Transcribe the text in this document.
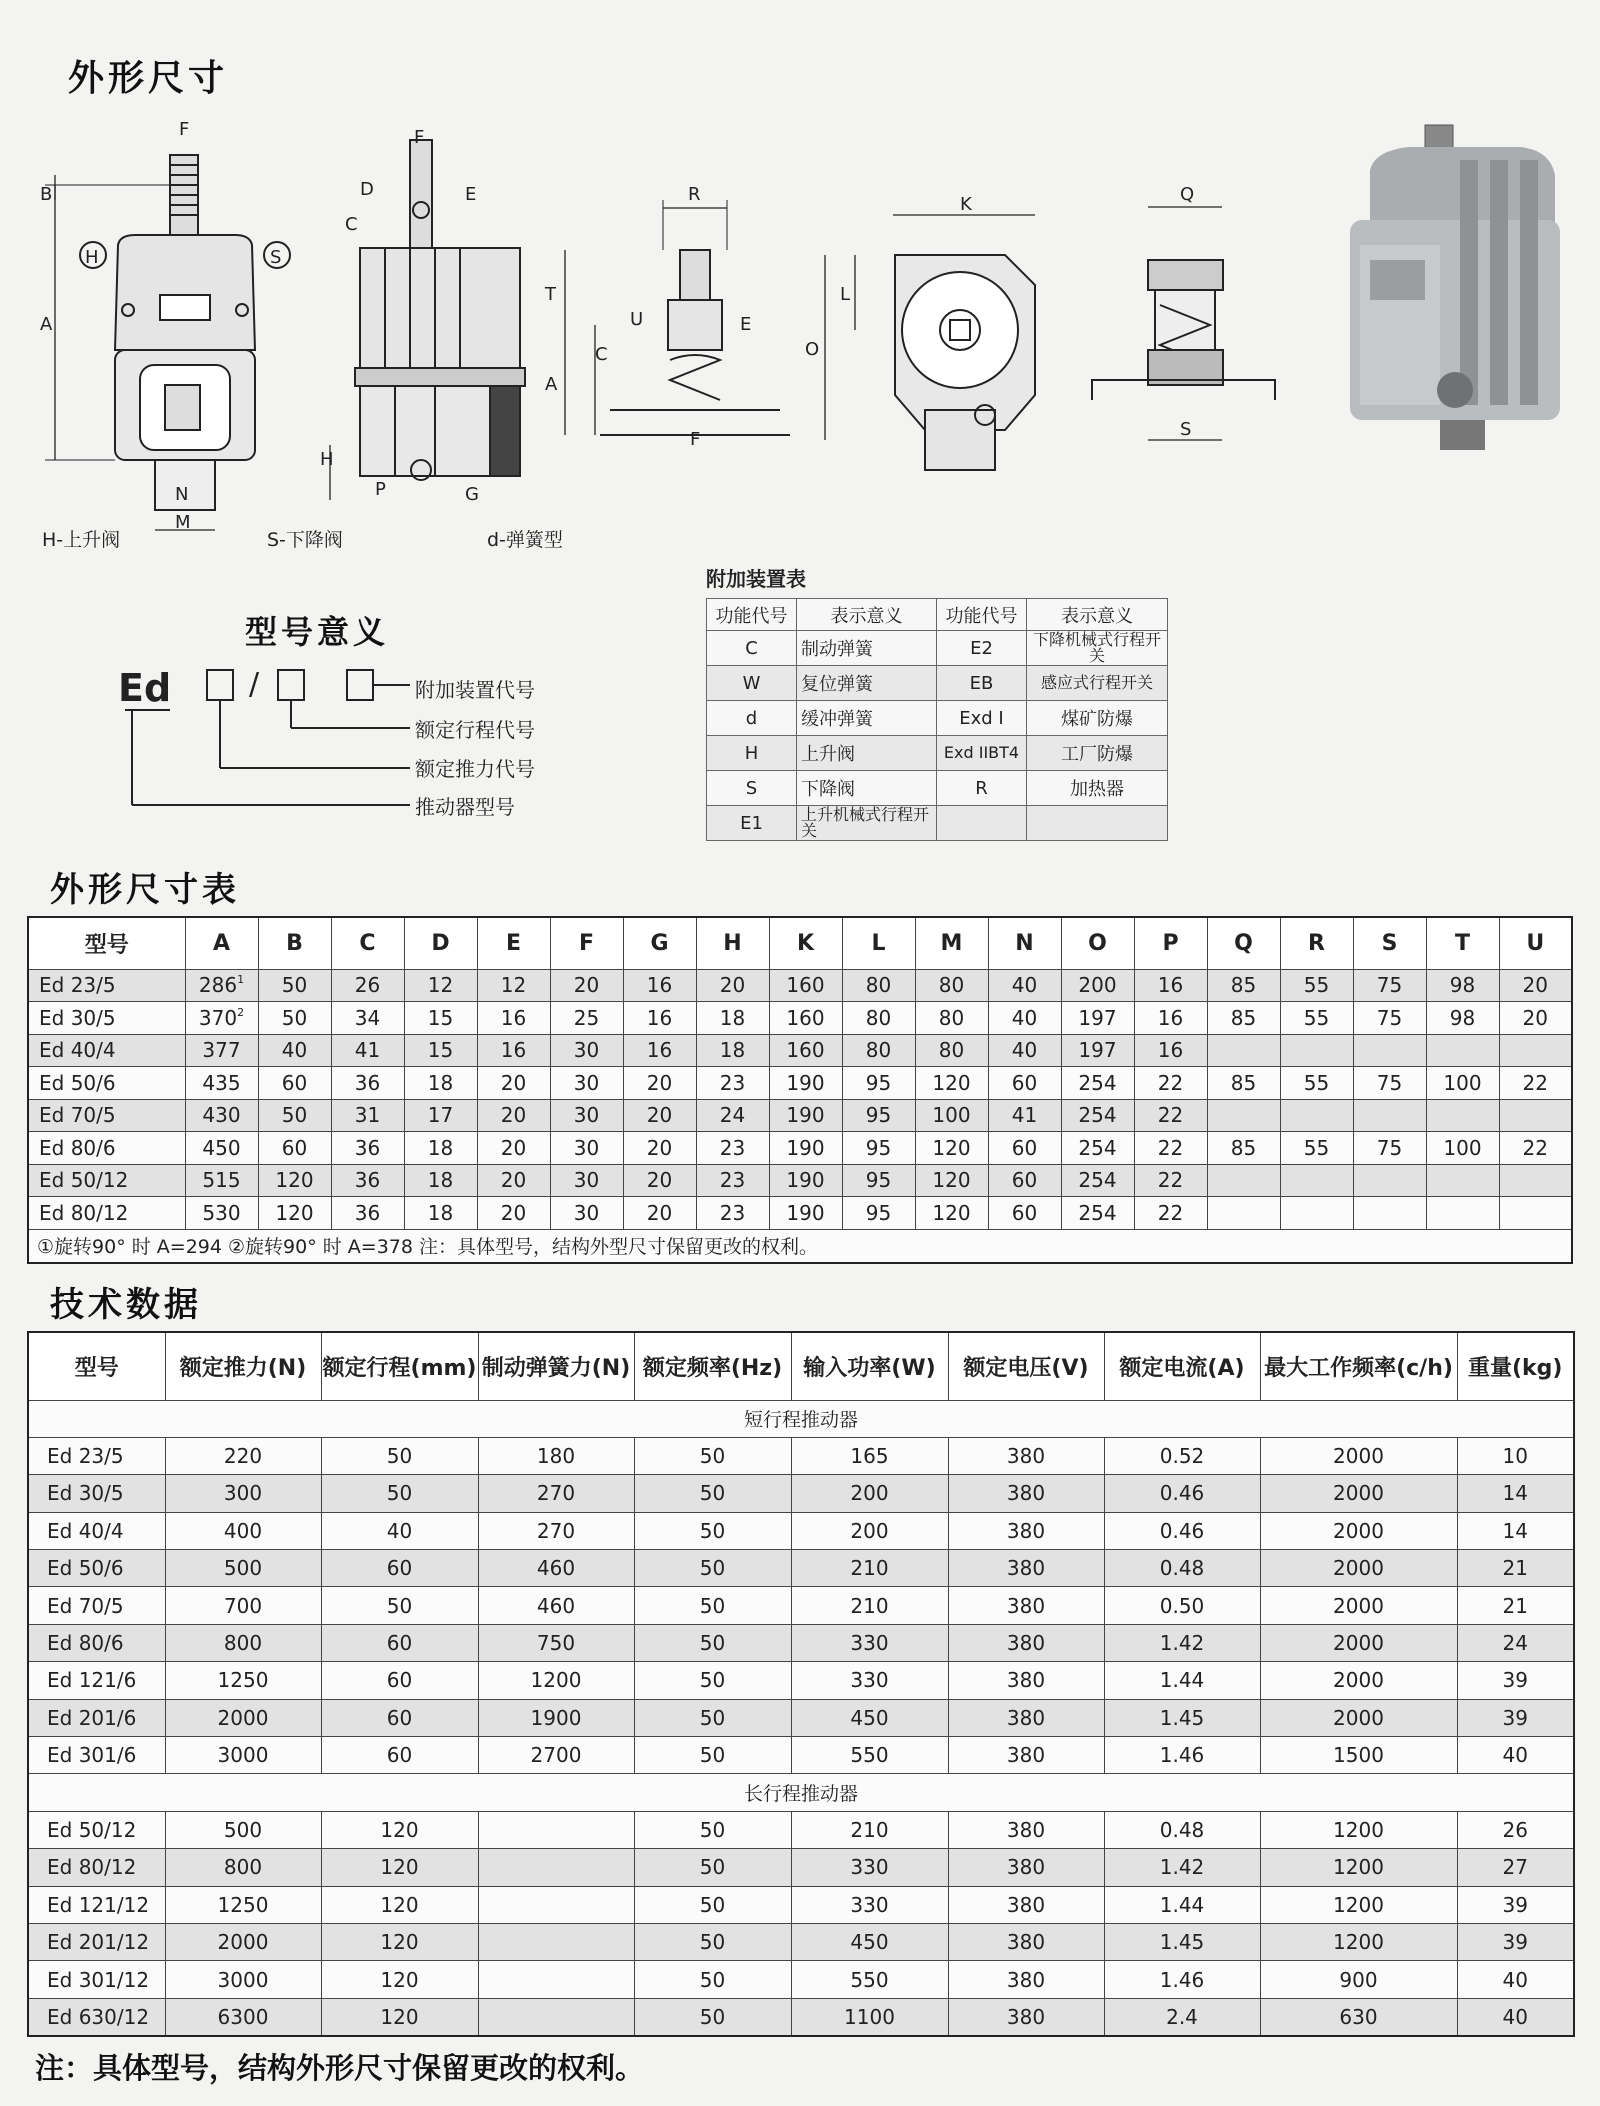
外形尺寸
F
B
H	S
A
N
M
F
D	E
C
H
P	G
R
T
U	E
C
A
F
K
L
O
Q
S
H-上升阀	S-下降阀	d-弹簧型
型号意义
Ed	/	附加装置代号
额定行程代号
额定推力代号
推动器型号
附加装置表
功能代号	表示意义	功能代号	表示意义
C	制动弹簧	E2	下降机械式行程开关
W	复位弹簧	EB	感应式行程开关
d	缓冲弹簧	Exd I	煤矿防爆
H	上升阀	Exd IIBT4	工厂防爆
S	下降阀	R	加热器
E1	上升机械式行程开关		
外形尺寸表
型号	A	B	C	D	E	F	G	H	K	L	M	N	O	P	Q	R	S	T	U
Ed 23/5	$286^1$	50	26	12	12	20	16	20	160	80	80	40	200	16	85	55	75	98	20
Ed 30/5	$370^2$	50	34	15	16	25	16	18	160	80	80	40	197	16	85	55	75	98	20
Ed 40/4	377	40	41	15	16	30	16	18	160	80	80	40	197	16					
Ed 50/6	435	60	36	18	20	30	20	23	190	95	120	60	254	22	85	55	75	100	22
Ed 70/5	430	50	31	17	20	30	20	24	190	95	100	41	254	22					
Ed 80/6	450	60	36	18	20	30	20	23	190	95	120	60	254	22	85	55	75	100	22
Ed 50/12	515	120	36	18	20	30	20	23	190	95	120	60	254	22					
Ed 80/12	530	120	36	18	20	30	20	23	190	95	120	60	254	22					
①旋转90° 时 A=294 ②旋转90° 时 A=378 注：具体型号，结构外型尺寸保留更改的权利。																			
技术数据
型号	额定推力(N)	额定行程(mm)	制动弹簧力(N)	额定频率(Hz)	输入功率(W)	额定电压(V)	额定电流(A)	最大工作频率(c/h)	重量(kg)
短行程推动器									
Ed 23/5	220	50	180	50	165	380	0.52	2000	10
Ed 30/5	300	50	270	50	200	380	0.46	2000	14
Ed 40/4	400	40	270	50	200	380	0.46	2000	14
Ed 50/6	500	60	460	50	210	380	0.48	2000	21
Ed 70/5	700	50	460	50	210	380	0.50	2000	21
Ed 80/6	800	60	750	50	330	380	1.42	2000	24
Ed 121/6	1250	60	1200	50	330	380	1.44	2000	39
Ed 201/6	2000	60	1900	50	450	380	1.45	2000	39
Ed 301/6	3000	60	2700	50	550	380	1.46	1500	40
长行程推动器									
Ed 50/12	500	120		50	210	380	0.48	1200	26
Ed 80/12	800	120		50	330	380	1.42	1200	27
Ed 121/12	1250	120		50	330	380	1.44	1200	39
Ed 201/12	2000	120		50	450	380	1.45	1200	39
Ed 301/12	3000	120		50	550	380	1.46	900	40
Ed 630/12	6300	120		50	1100	380	2.4	630	40
注：具体型号，结构外形尺寸保留更改的权利。
